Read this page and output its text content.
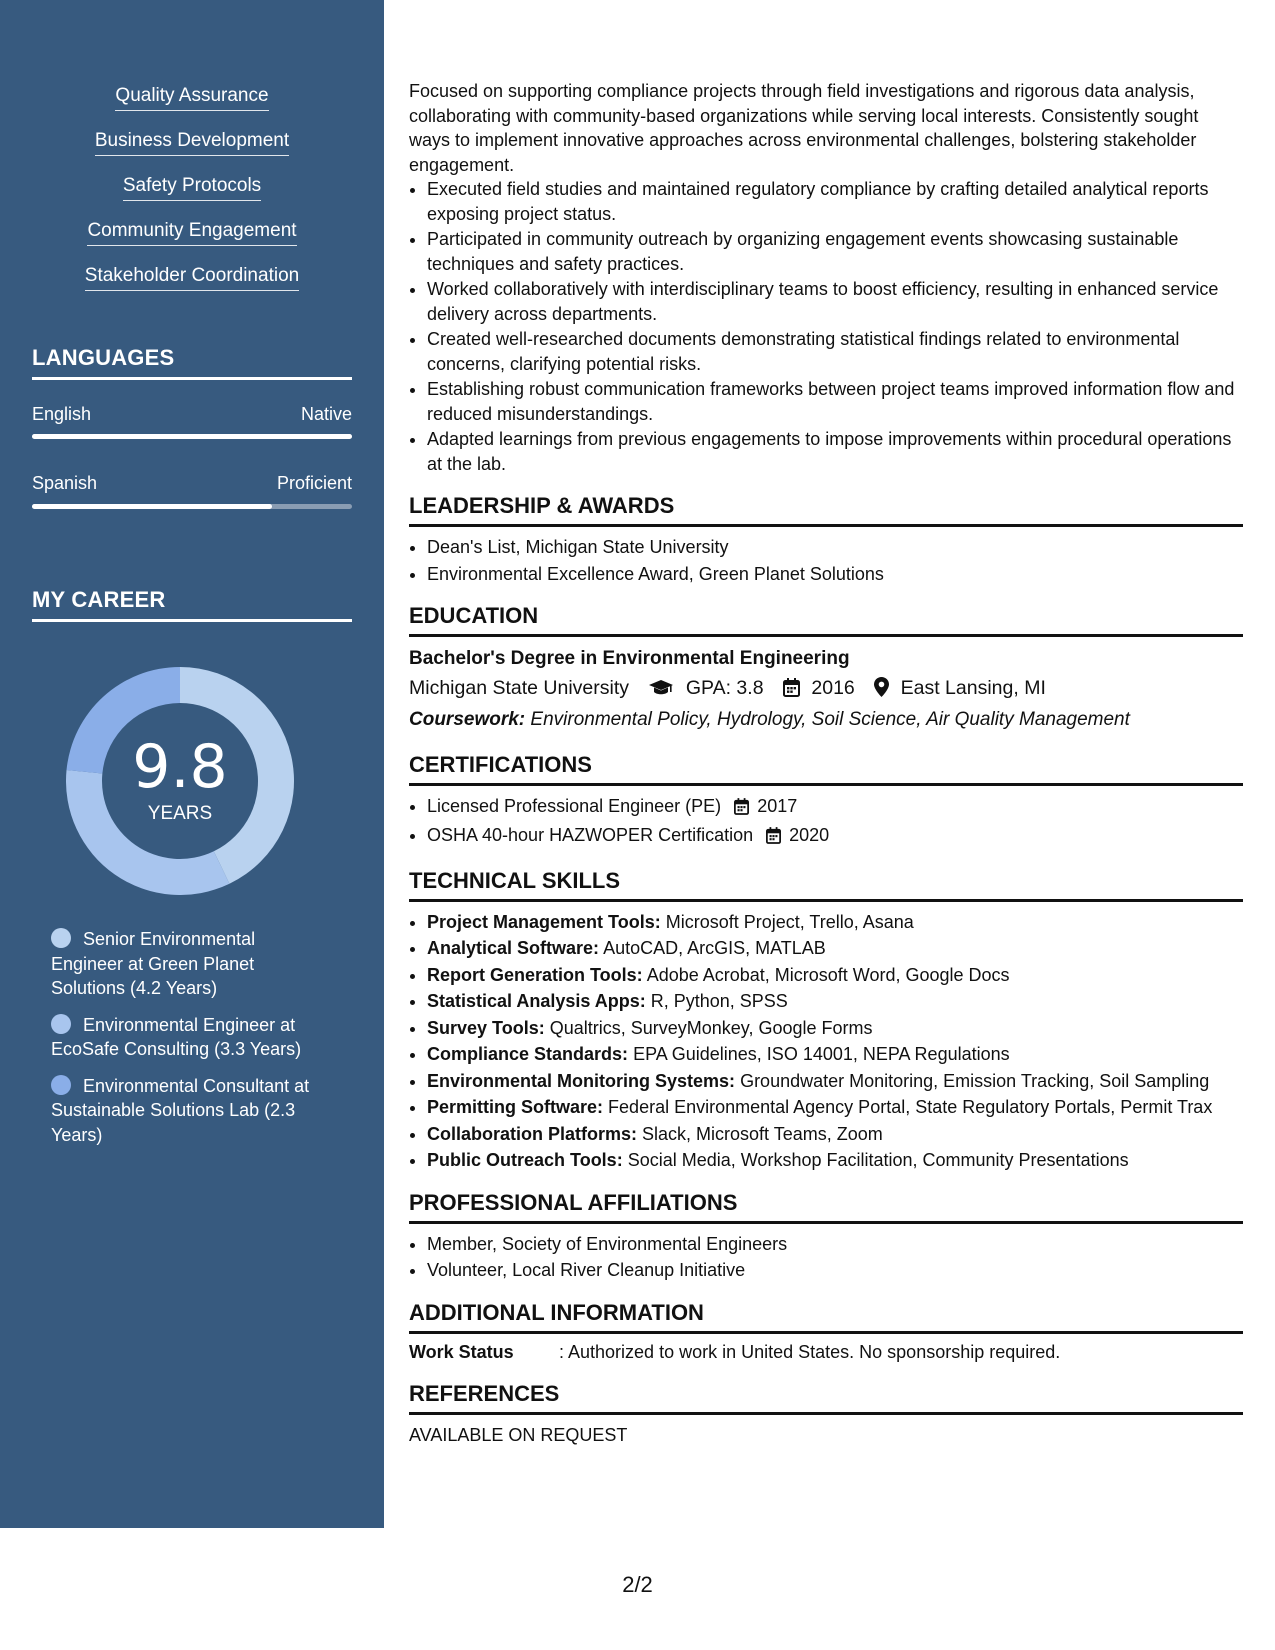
Quality Assurance
Business Development
Safety Protocols
Community Engagement
Stakeholder Coordination
LANGUAGES
English	Native
Spanish	Proficient
MY CAREER
9.8
YEARS
Senior Environmental Engineer at Green Planet Solutions (4.2 Years)
Environmental Engineer at EcoSafe Consulting (3.3 Years)
Environmental Consultant at Sustainable Solutions Lab (2.3 Years)

Focused on supporting compliance projects through field investigations and rigorous data analysis, collaborating with community-based organizations while serving local interests. Consistently sought ways to implement innovative approaches across environmental challenges, bolstering stakeholder engagement.

• Executed field studies and maintained regulatory compliance by crafting detailed analytical reports exposing project status.
• Participated in community outreach by organizing engagement events showcasing sustainable techniques and safety practices.
• Worked collaboratively with interdisciplinary teams to boost efficiency, resulting in enhanced service delivery across departments.
• Created well-researched documents demonstrating statistical findings related to environmental concerns, clarifying potential risks.
• Establishing robust communication frameworks between project teams improved information flow and reduced misunderstandings.
• Adapted learnings from previous engagements to impose improvements within procedural operations at the lab.
LEADERSHIP & AWARDS
• Dean's List, Michigan State University
• Environmental Excellence Award, Green Planet Solutions
EDUCATION
Bachelor's Degree in Environmental Engineering
Michigan State University	GPA: 3.8 2016 East Lansing, MI
Coursework: Environmental Policy, Hydrology, Soil Science, Air Quality Management
CERTIFICATIONS
• Licensed Professional Engineer (PE) 2017
• OSHA 40-hour HAZWOPER Certification 2020
TECHNICAL SKILLS
• Project Management Tools: Microsoft Project, Trello, Asana
• Analytical Software: AutoCAD, ArcGIS, MATLAB
• Report Generation Tools: Adobe Acrobat, Microsoft Word, Google Docs
• Statistical Analysis Apps: R, Python, SPSS
• Survey Tools: Qualtrics, SurveyMonkey, Google Forms
• Compliance Standards: EPA Guidelines, ISO 14001, NEPA Regulations
• Environmental Monitoring Systems: Groundwater Monitoring, Emission Tracking, Soil Sampling
• Permitting Software: Federal Environmental Agency Portal, State Regulatory Portals, Permit Trax
• Collaboration Platforms: Slack, Microsoft Teams, Zoom
• Public Outreach Tools: Social Media, Workshop Facilitation, Community Presentations
PROFESSIONAL AFFILIATIONS
• Member, Society of Environmental Engineers
• Volunteer, Local River Cleanup Initiative
ADDITIONAL INFORMATION
Work Status	: Authorized to work in United States. No sponsorship required.
REFERENCES

AVAILABLE ON REQUEST

2/2
